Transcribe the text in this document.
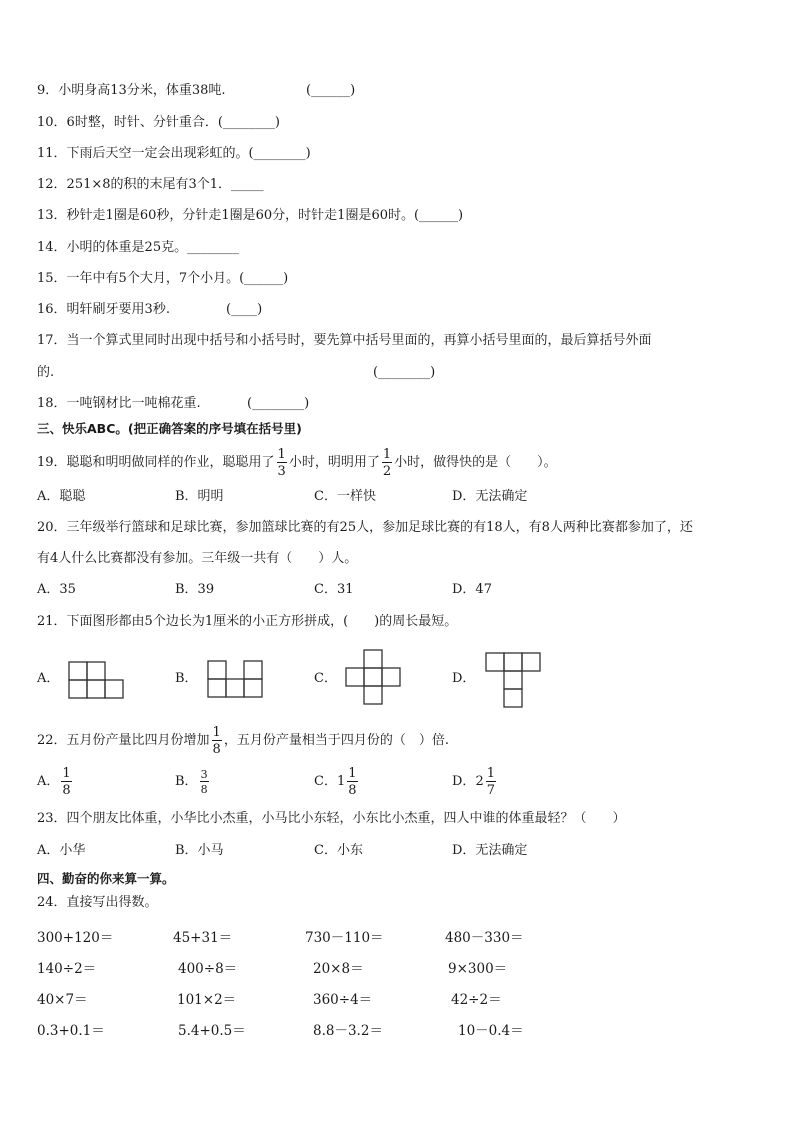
9．小明身高13分米，体重38吨.	(______)
10．6时整，时针、分针重合．(________)
11．下雨后天空一定会出现彩虹的。(________)
12．251×8的积的末尾有3个1．_____
13．秒针走1圈是60秒，分针走1圈是60分，时针走1圈是60时。(______)
14．小明的体重是25克。________
15．一年中有5个大月，7个小月。(______)
16．明轩刷牙要用3秒.	(____)
17．当一个算式里同时出现中括号和小括号时，要先算中括号里面的，再算小括号里面的，最后算括号外面
的.	(________)
18．一吨钢材比一吨棉花重.	(________)
三、快乐ABC。(把正确答案的序号填在括号里)
19．聪聪和明明做同样的作业，聪聪用了 $\frac{1}{3}$ 小时，明明用了 $\frac{1}{2}$ 小时，做得快的是（　　）。
A．聪聪	B．明明	C．一样快	D．无法确定
20．三年级举行篮球和足球比赛，参加篮球比赛的有25人，参加足球比赛的有18人，有8人两种比赛都参加了，还
有4人什么比赛都没有参加。三年级一共有（　　）人。
A．35	B．39	C．31	D．47
21．下面图形都由5个边长为1厘米的小正方形拼成，(　　)的周长最短。
A．	B．	C．	D．
22．五月份产量比四月份增加 $\frac{1}{8}$ ，五月份产量相当于四月份的（　）倍.
A． $\frac{1}{8}$	B． $\frac{3}{8}$	C．$1 \frac{1}{8}$	D．$2 \frac{1}{7}$
23．四个朋友比体重，小华比小杰重，小马比小东轻，小东比小杰重，四人中谁的体重最轻？（　　）
A．小华	B．小马	C．小东	D．无法确定
四、勤奋的你来算一算。
24．直接写出得数。
300+120＝	45+31＝	730－110＝	480－330＝
140÷2＝	400÷8＝	20×8＝	9×300＝
40×7＝	101×2＝	360÷4＝	42÷2＝
0.3+0.1＝	5.4+0.5＝	8.8－3.2＝	10－0.4＝
